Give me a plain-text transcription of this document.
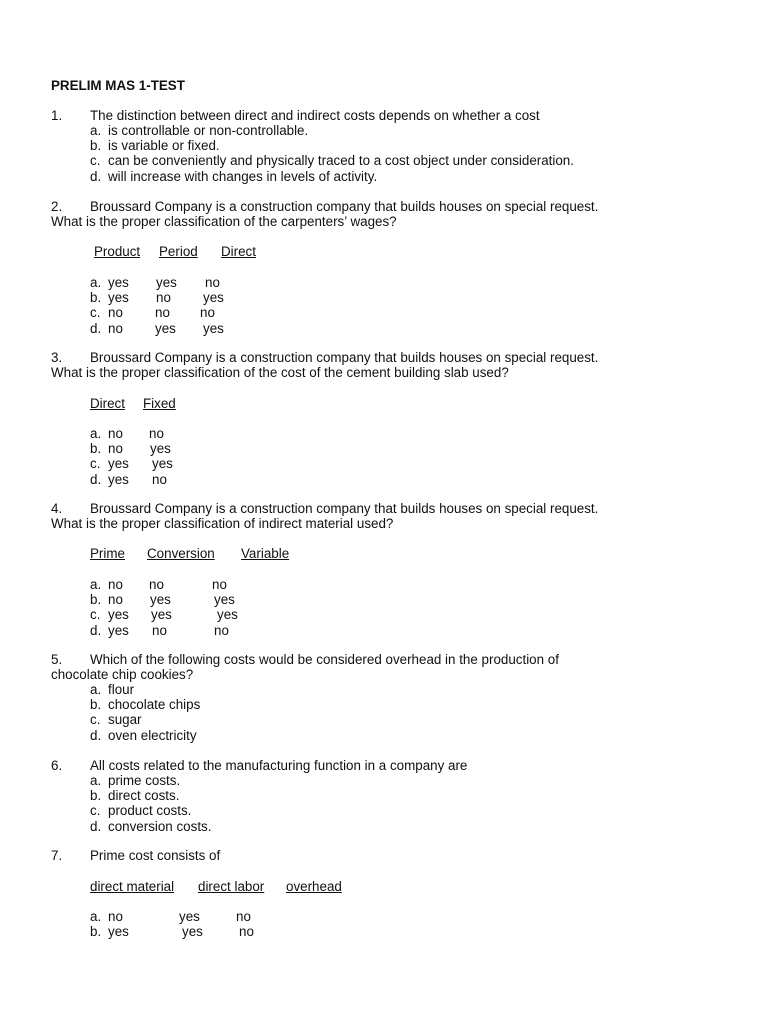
PRELIM MAS 1-TEST
1. The distinction between direct and indirect costs depends on whether a cost
a. is controllable or non-controllable.
b. is variable or fixed.
c. can be conveniently and physically traced to a cost object under consideration.
d. will increase with changes in levels of activity.
2. Broussard Company is a construction company that builds houses on special request.
What is the proper classification of the carpenters’ wages?
Product Period Direct
a. yes yes no
b. yes no yes
c. no no no
d. no yes yes
3. Broussard Company is a construction company that builds houses on special request.
What is the proper classification of the cost of the cement building slab used?
Direct Fixed
a. no no
b. no yes
c. yes yes
d. yes no
4. Broussard Company is a construction company that builds houses on special request.
What is the proper classification of indirect material used?
Prime Conversion Variable
a. no no	no
b. no yes	yes
c. yes yes	yes
d. yes no	no
5. Which of the following costs would be considered overhead in the production of
chocolate chip cookies?
a. flour
b. chocolate chips
c. sugar
d. oven electricity
6. All costs related to the manufacturing function in a company are
a. prime costs.
b. direct costs.
c. product costs.
d. conversion costs.
7. Prime cost consists of
direct material direct labor overhead
a. no	yes	no
b. yes	yes	no
